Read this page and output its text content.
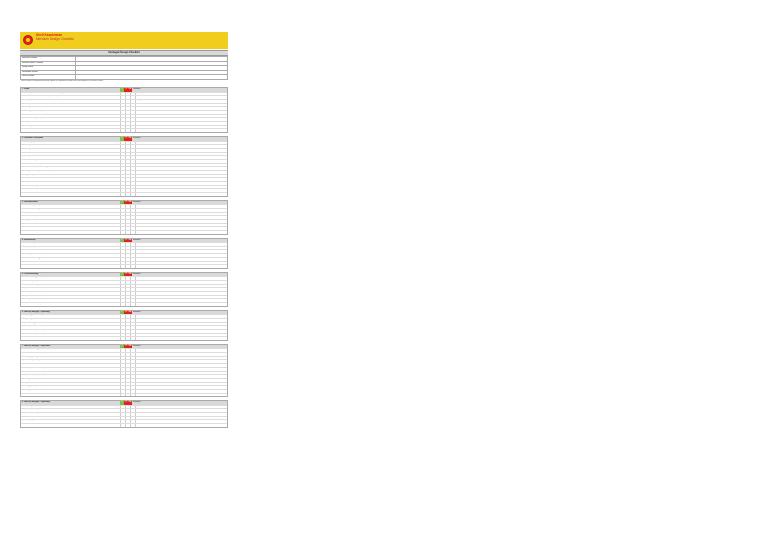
Shell Kazakhstan
Minimum Design Checklist
Kashagan Design Checklist
Reference Number	
Reviewer Name / Function	
Design Status	
Deliverable Number	
Date of Review	
Please review the design documentation against the requirements below and record findings in the Remarks column
1. HSSE	Y	N	NA Remarks
Have hazards been identified and recorded in the Hazard register
Have ALARP demonstrations been completed for major hazards
Has the design been reviewed for HAZOP recommendations	Design basis confirmed
Have escape and evacuation routes been considered
Is the design compliant with the HSE case
Are fire and gas detection requirements included
Has noise and vibration been assessed	See technical note
Have access and egress requirements been checked
Are safety critical elements identified
Has the design been reviewed for SIMOPS
Comments
2. Technical / Discipline	Y	N	NA Remarks
Have all design inputs been confirmed
Are the design calculations verified and checked
Is the design compliant with Shell DEPs
Have deviations from standards been recorded
Are drawings consistent with datasheets
Has a constructability review been held
Are interfaces with other disciplines defined
Have materials been selected correctly
Is the design within the approved envelope
Has equipment layout been verified
Are tie-in points identified
Are isolations and vents provided
Is instrumentation adequate
Have maintenance requirements been met
Comments
3. Documentation	Y	N	NA Remarks
Is the document register up to date
Are all documents correctly numbered
Have document revisions been controlled
Are references complete and valid
Is the approval status recorded
Are vendor documents included
Is the document format correct
Comments
4. Maintenance	Y	N	NA Remarks
Has maintainability been reviewed
Are spare parts requirements identified
Is access for maintenance adequate
Have lifting requirements been considered
Is the maintenance strategy defined
Are inspection requirements identified
Comments
5. Commissioning	Y	N	NA Remarks
Has a commissioning plan been prepared
Are test and inspection plans available
Have pre-commissioning checks been defined
Are system boundaries identified
Is handover documentation specified
Have punch lists been defined
Are start-up requirements complete
Comments
6. Start-up Integrity / Operating	Y	N	NA Remarks
Are operating procedures in place
Have operating limits been defined
Is operator training planned
Are start-up and shutdown steps clear
Have control philosophies been agreed
Are alarms and trips set correctly
Comments
7. Start-up Integrity / Inspection	Y	N	NA Remarks
Is the inspection strategy defined
Are corrosion allowances adequate
Have integrity operating windows been set
Is pressure safeguarding verified
Are relief devices sized and reviewed
Have NDT requirements been specified
Are material certificates available
Has the risk-based inspection been done
Are welding procedures qualified
Have hydrotest results been reviewed
Is the integrity data registered
Are coatings and insulation specified
Comments
8. Start-up Integrity / Operating	Y	N	NA Remarks
Have operating readiness checks been done
Are operating staff assigned
Is the control room ready
Are communications tested
Have emergency drills been held
Comments
